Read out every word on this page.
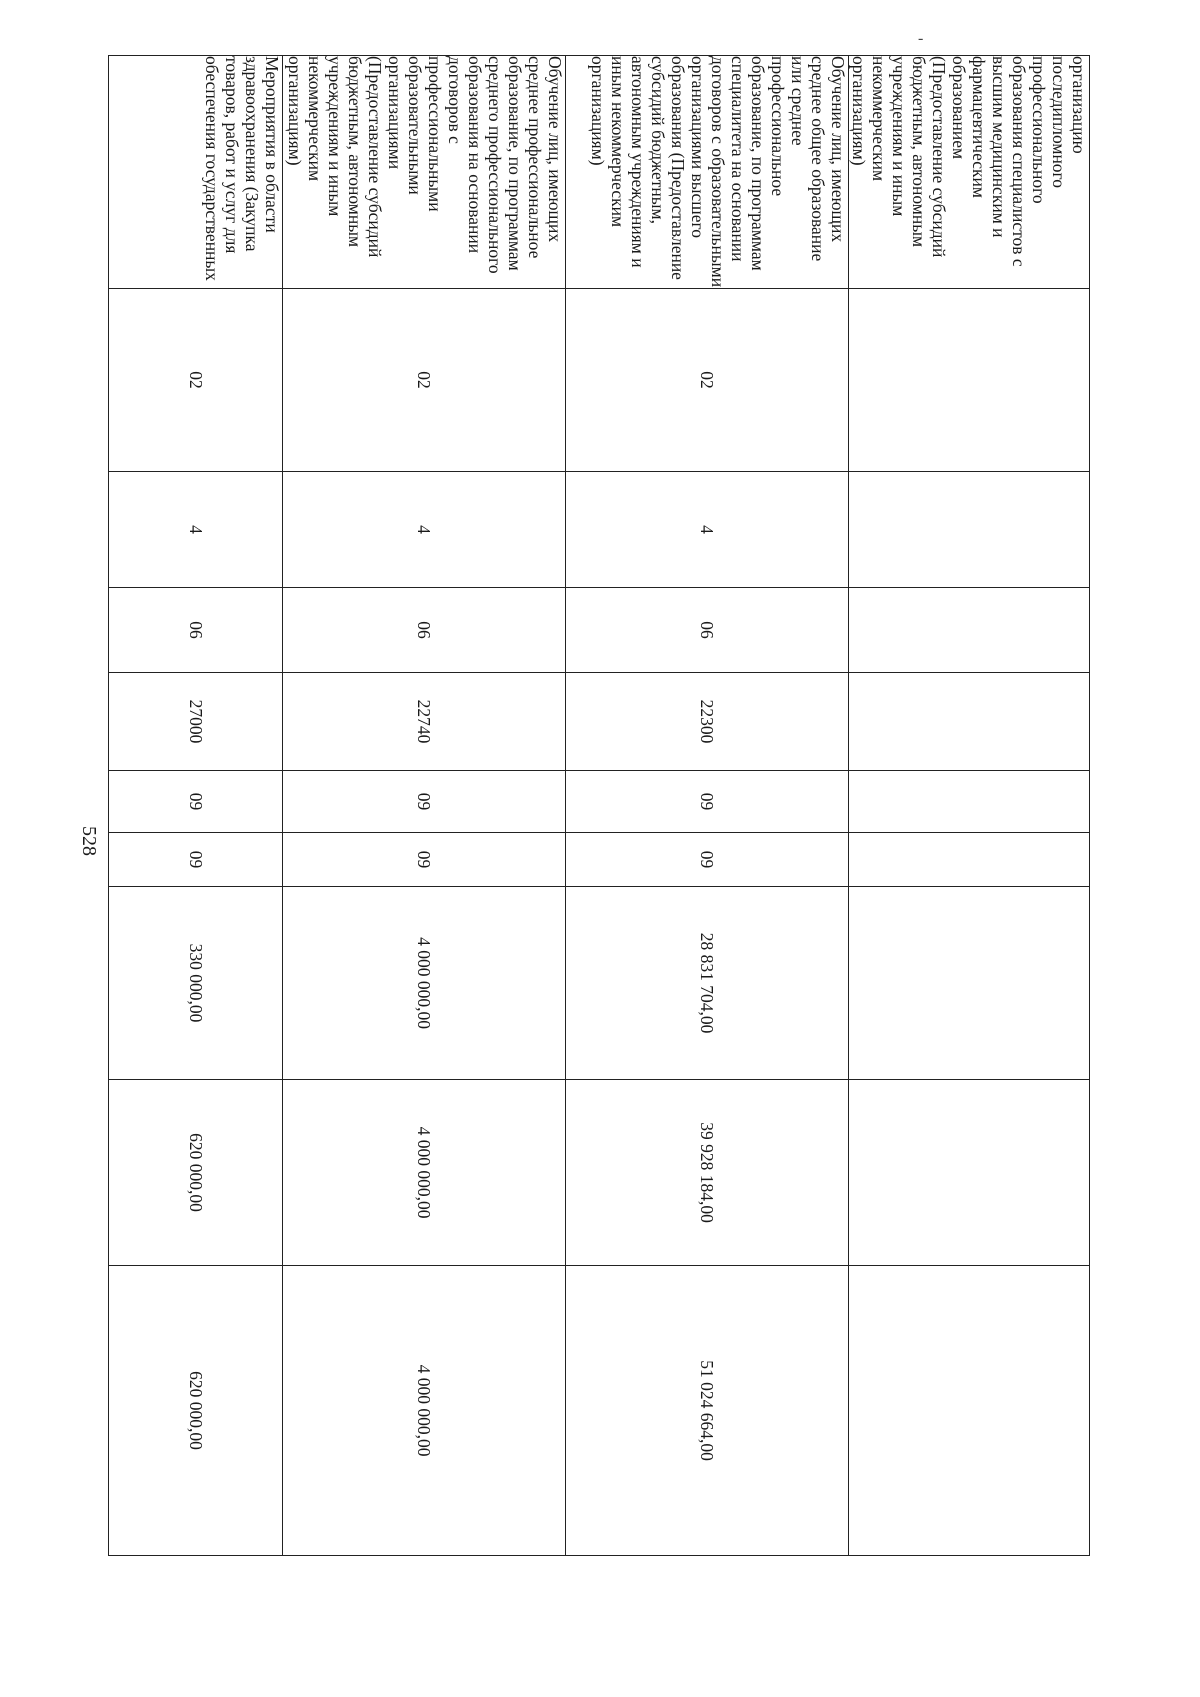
-
528
организацию последипломного профессионального образования специалистов с высшим медицинским и фармацевтическим образованием (Предоставление субсидий бюджетным, автономным учреждениям и иным некоммерческим организациям)									
Обучение лиц, имеющих среднее общее образование или среднее профессиональное образование, по программам специалитета на основании договоров с образовательными организациями высшего образования (Предоставление субсидий бюджетным, автономным учреждениям и иным некоммерческим организациям)	02	4	06	22300	09	09	28 831 704,00	39 928 184,00	51 024 664,00
Обучение лиц, имеющих среднее профессиональное образование, по программам среднего профессионального образования на основании договоров с профессиональными образовательными организациями (Предоставление субсидий бюджетным, автономным учреждениям и иным некоммерческим организациям)	02	4	06	22740	09	09	4 000 000,00	4 000 000,00	4 000 000,00
Мероприятия в области здравоохранения (Закупка товаров, работ и услуг для обеспечения государственных	02	4	06	27000	09	09	330 000,00	620 000,00	620 000,00
